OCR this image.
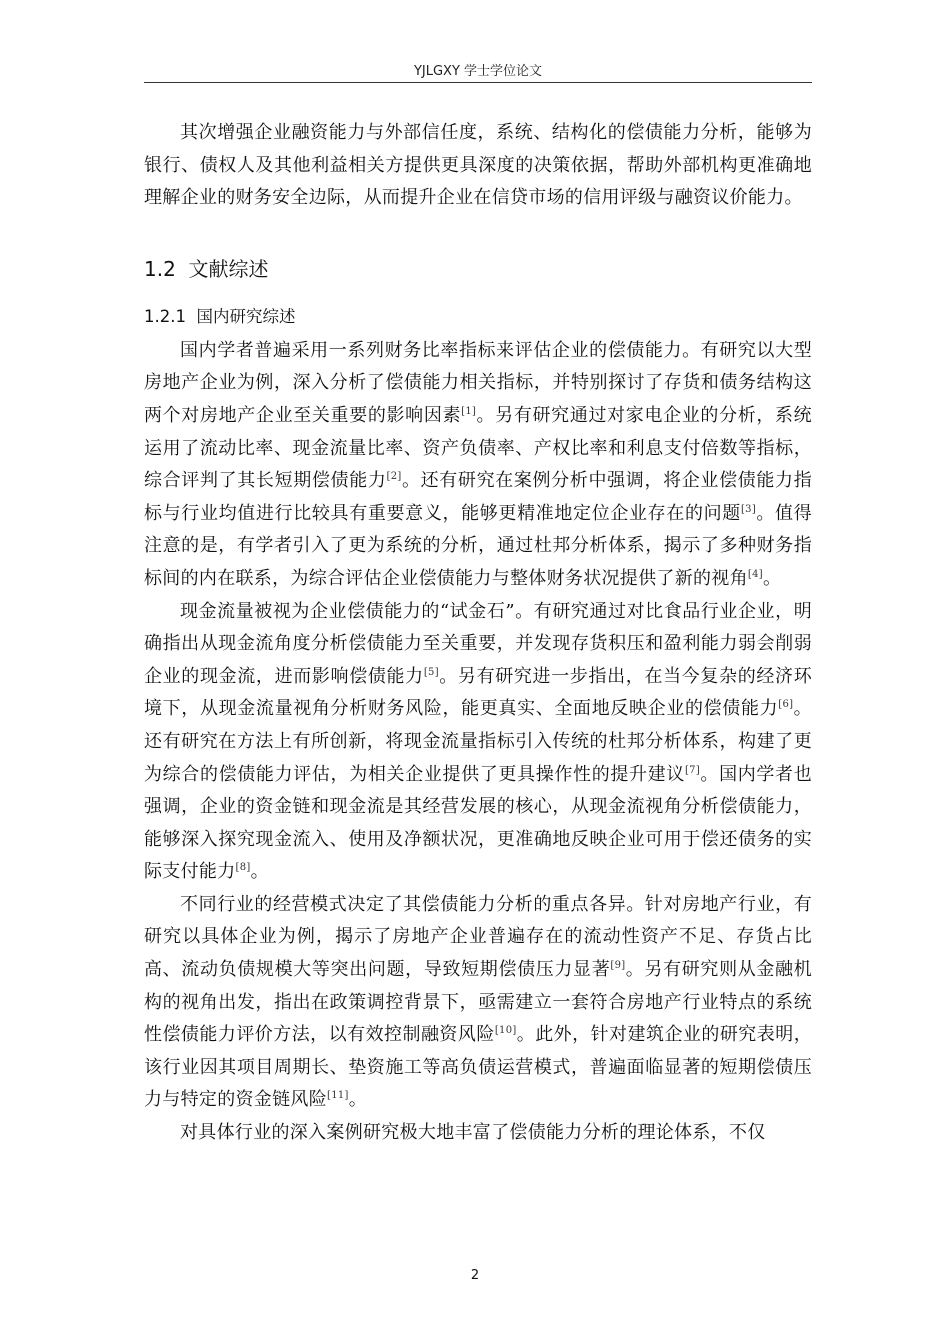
YJLGXY 学士学位论文

其次增强企业融资能力与外部信任度，系统、结构化的偿债能力分析，能够为银行、债权人及其他利益相关方提供更具深度的决策依据，帮助外部机构更准确地理解企业的财务安全边际，从而提升企业在信贷市场的信用评级与融资议价能力。

1.2 文献综述
1.2.1 国内研究综述

国内学者普遍采用一系列财务比率指标来评估企业的偿债能力。有研究以大型房地产企业为例，深入分析了偿债能力相关指标，并特别探讨了存货和债务结构这两个对房地产企业至关重要的影响因素[1]。另有研究通过对家电企业的分析，系统运用了流动比率、现金流量比率、资产负债率、产权比率和利息支付倍数等指标，综合评判了其长短期偿债能力[2]。还有研究在案例分析中强调，将企业偿债能力指标与行业均值进行比较具有重要意义，能够更精准地定位企业存在的问题[3]。值得注意的是，有学者引入了更为系统的分析，通过杜邦分析体系，揭示了多种财务指标间的内在联系，为综合评估企业偿债能力与整体财务状况提供了新的视角[4]。

现金流量被视为企业偿债能力的“试金石”。有研究通过对比食品行业企业，明确指出从现金流角度分析偿债能力至关重要，并发现存货积压和盈利能力弱会削弱企业的现金流，进而影响偿债能力[5]。另有研究进一步指出，在当今复杂的经济环境下，从现金流量视角分析财务风险，能更真实、全面地反映企业的偿债能力[6]。还有研究在方法上有所创新，将现金流量指标引入传统的杜邦分析体系，构建了更为综合的偿债能力评估，为相关企业提供了更具操作性的提升建议[7]。国内学者也强调，企业的资金链和现金流是其经营发展的核心，从现金流视角分析偿债能力，能够深入探究现金流入、使用及净额状况，更准确地反映企业可用于偿还债务的实际支付能力[8]。

不同行业的经营模式决定了其偿债能力分析的重点各异。针对房地产行业，有研究以具体企业为例，揭示了房地产企业普遍存在的流动性资产不足、存货占比高、流动负债规模大等突出问题，导致短期偿债压力显著[9]。另有研究则从金融机构的视角出发，指出在政策调控背景下，亟需建立一套符合房地产行业特点的系统性偿债能力评价方法，以有效控制融资风险[10]。此外，针对建筑企业的研究表明，该行业因其项目周期长、垫资施工等高负债运营模式，普遍面临显著的短期偿债压力与特定的资金链风险[11]。

对具体行业的深入案例研究极大地丰富了偿债能力分析的理论体系，不仅

2
